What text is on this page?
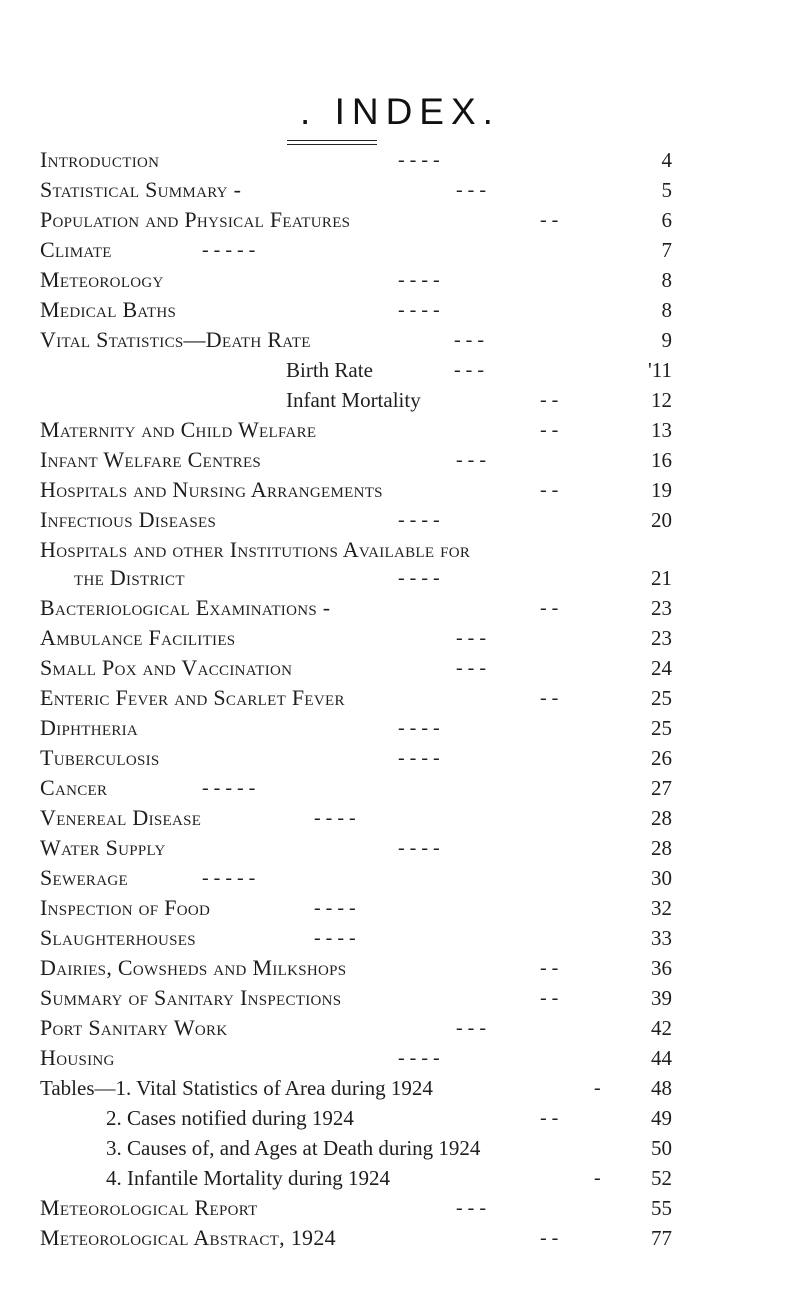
. INDEX.
Introduction	- - - -	4
Statistical Summary -	- - -	5
Population and Physical Features	- -	6
Climate	- - - - -	7
Meteorology	- - - -	8
Medical Baths	- - - -	8
Vital Statistics—Death Rate	- - -	9
Birth Rate	- - -	'11
Infant Mortality	- -	12
Maternity and Child Welfare	- -	13
Infant Welfare Centres	- - -	16
Hospitals and Nursing Arrangements	- -	19
Infectious Diseases	- - - -	20
Hospitals and other Institutions Available for
the District	- - - -	21
Bacteriological Examinations -	- -	23
Ambulance Facilities	- - -	23
Small Pox and Vaccination	- - -	24
Enteric Fever and Scarlet Fever	- -	25
Diphtheria	- - - -	25
Tuberculosis	- - - -	26
Cancer	- - - - -	27
Venereal Disease	- - - -	28
Water Supply	- - - -	28
Sewerage	- - - - -	30
Inspection of Food	- - - -	32
Slaughterhouses	- - - -	33
Dairies, Cowsheds and Milkshops	- -	36
Summary of Sanitary Inspections	- -	39
Port Sanitary Work	- - -	42
Housing	- - - -	44
Tables—1. Vital Statistics of Area during 1924	-	48
2. Cases notified during 1924	- -	49
3. Causes of, and Ages at Death during 1924	50
4. Infantile Mortality during 1924	-	52
Meteorological Report	- - -	55
Meteorological Abstract, 1924	- -	77
